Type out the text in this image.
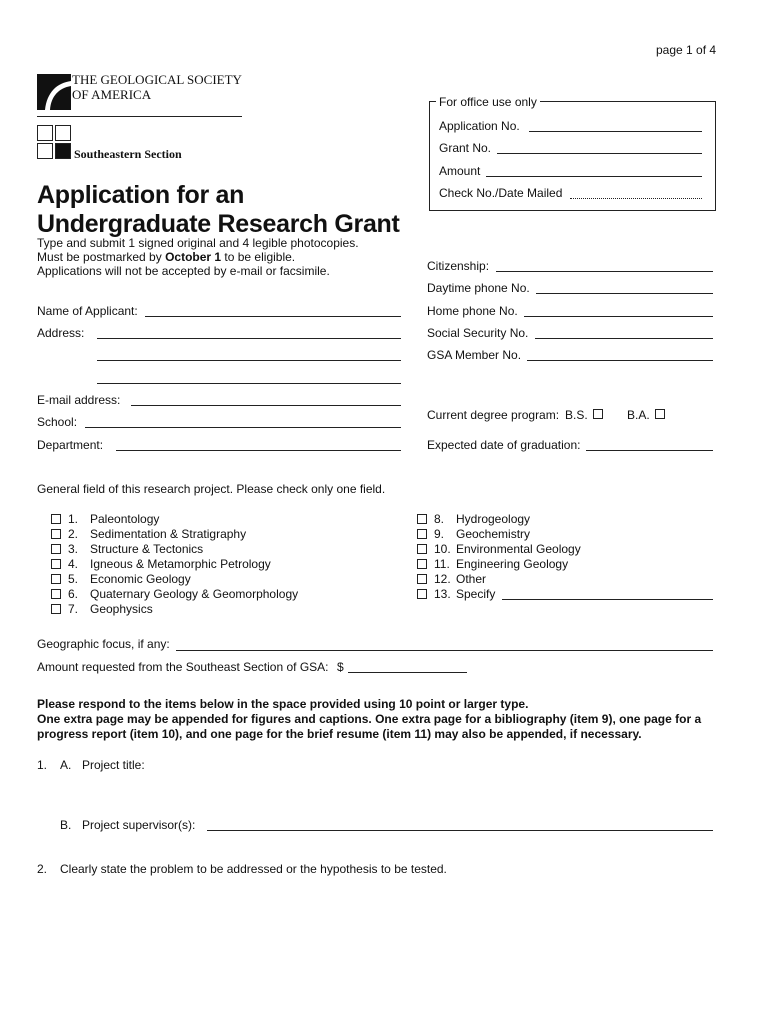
page 1 of 4
THE GEOLOGICAL SOCIETY
OF AMERICA
Southeastern Section
For office use only
Application No.
Grant No.
Amount
Check No./Date Mailed
Application for an
Undergraduate Research Grant
Type and submit 1 signed original and 4 legible photocopies.
Must be postmarked by October 1 to be eligible.
Applications will not be accepted by e-mail or facsimile.
Name of Applicant:
Address:
E-mail address:
School:
Department:
Citizenship:
Daytime phone No.
Home phone No.
Social Security No.
GSA Member No.
Current degree program: B.S.	B.A.
Expected date of graduation:
General field of this research project. Please check only one field.
1. Paleontology
2. Sedimentation & Stratigraphy
3. Structure & Tectonics
4. Igneous & Metamorphic Petrology
5. Economic Geology
6. Quaternary Geology & Geomorphology
7. Geophysics
8. Hydrogeology
9. Geochemistry
10. Environmental Geology
11. Engineering Geology
12. Other
13. Specify
Geographic focus, if any:
Amount requested from the Southeast Section of GSA: $
Please respond to the items below in the space provided using 10 point or larger type.
One extra page may be appended for figures and captions. One extra page for a bibliography (item 9), one page for a
progress report (item 10), and one page for the brief resume (item 11) may also be appended, if necessary.
1. A. Project title:
B. Project supervisor(s):
2. Clearly state the problem to be addressed or the hypothesis to be tested.
